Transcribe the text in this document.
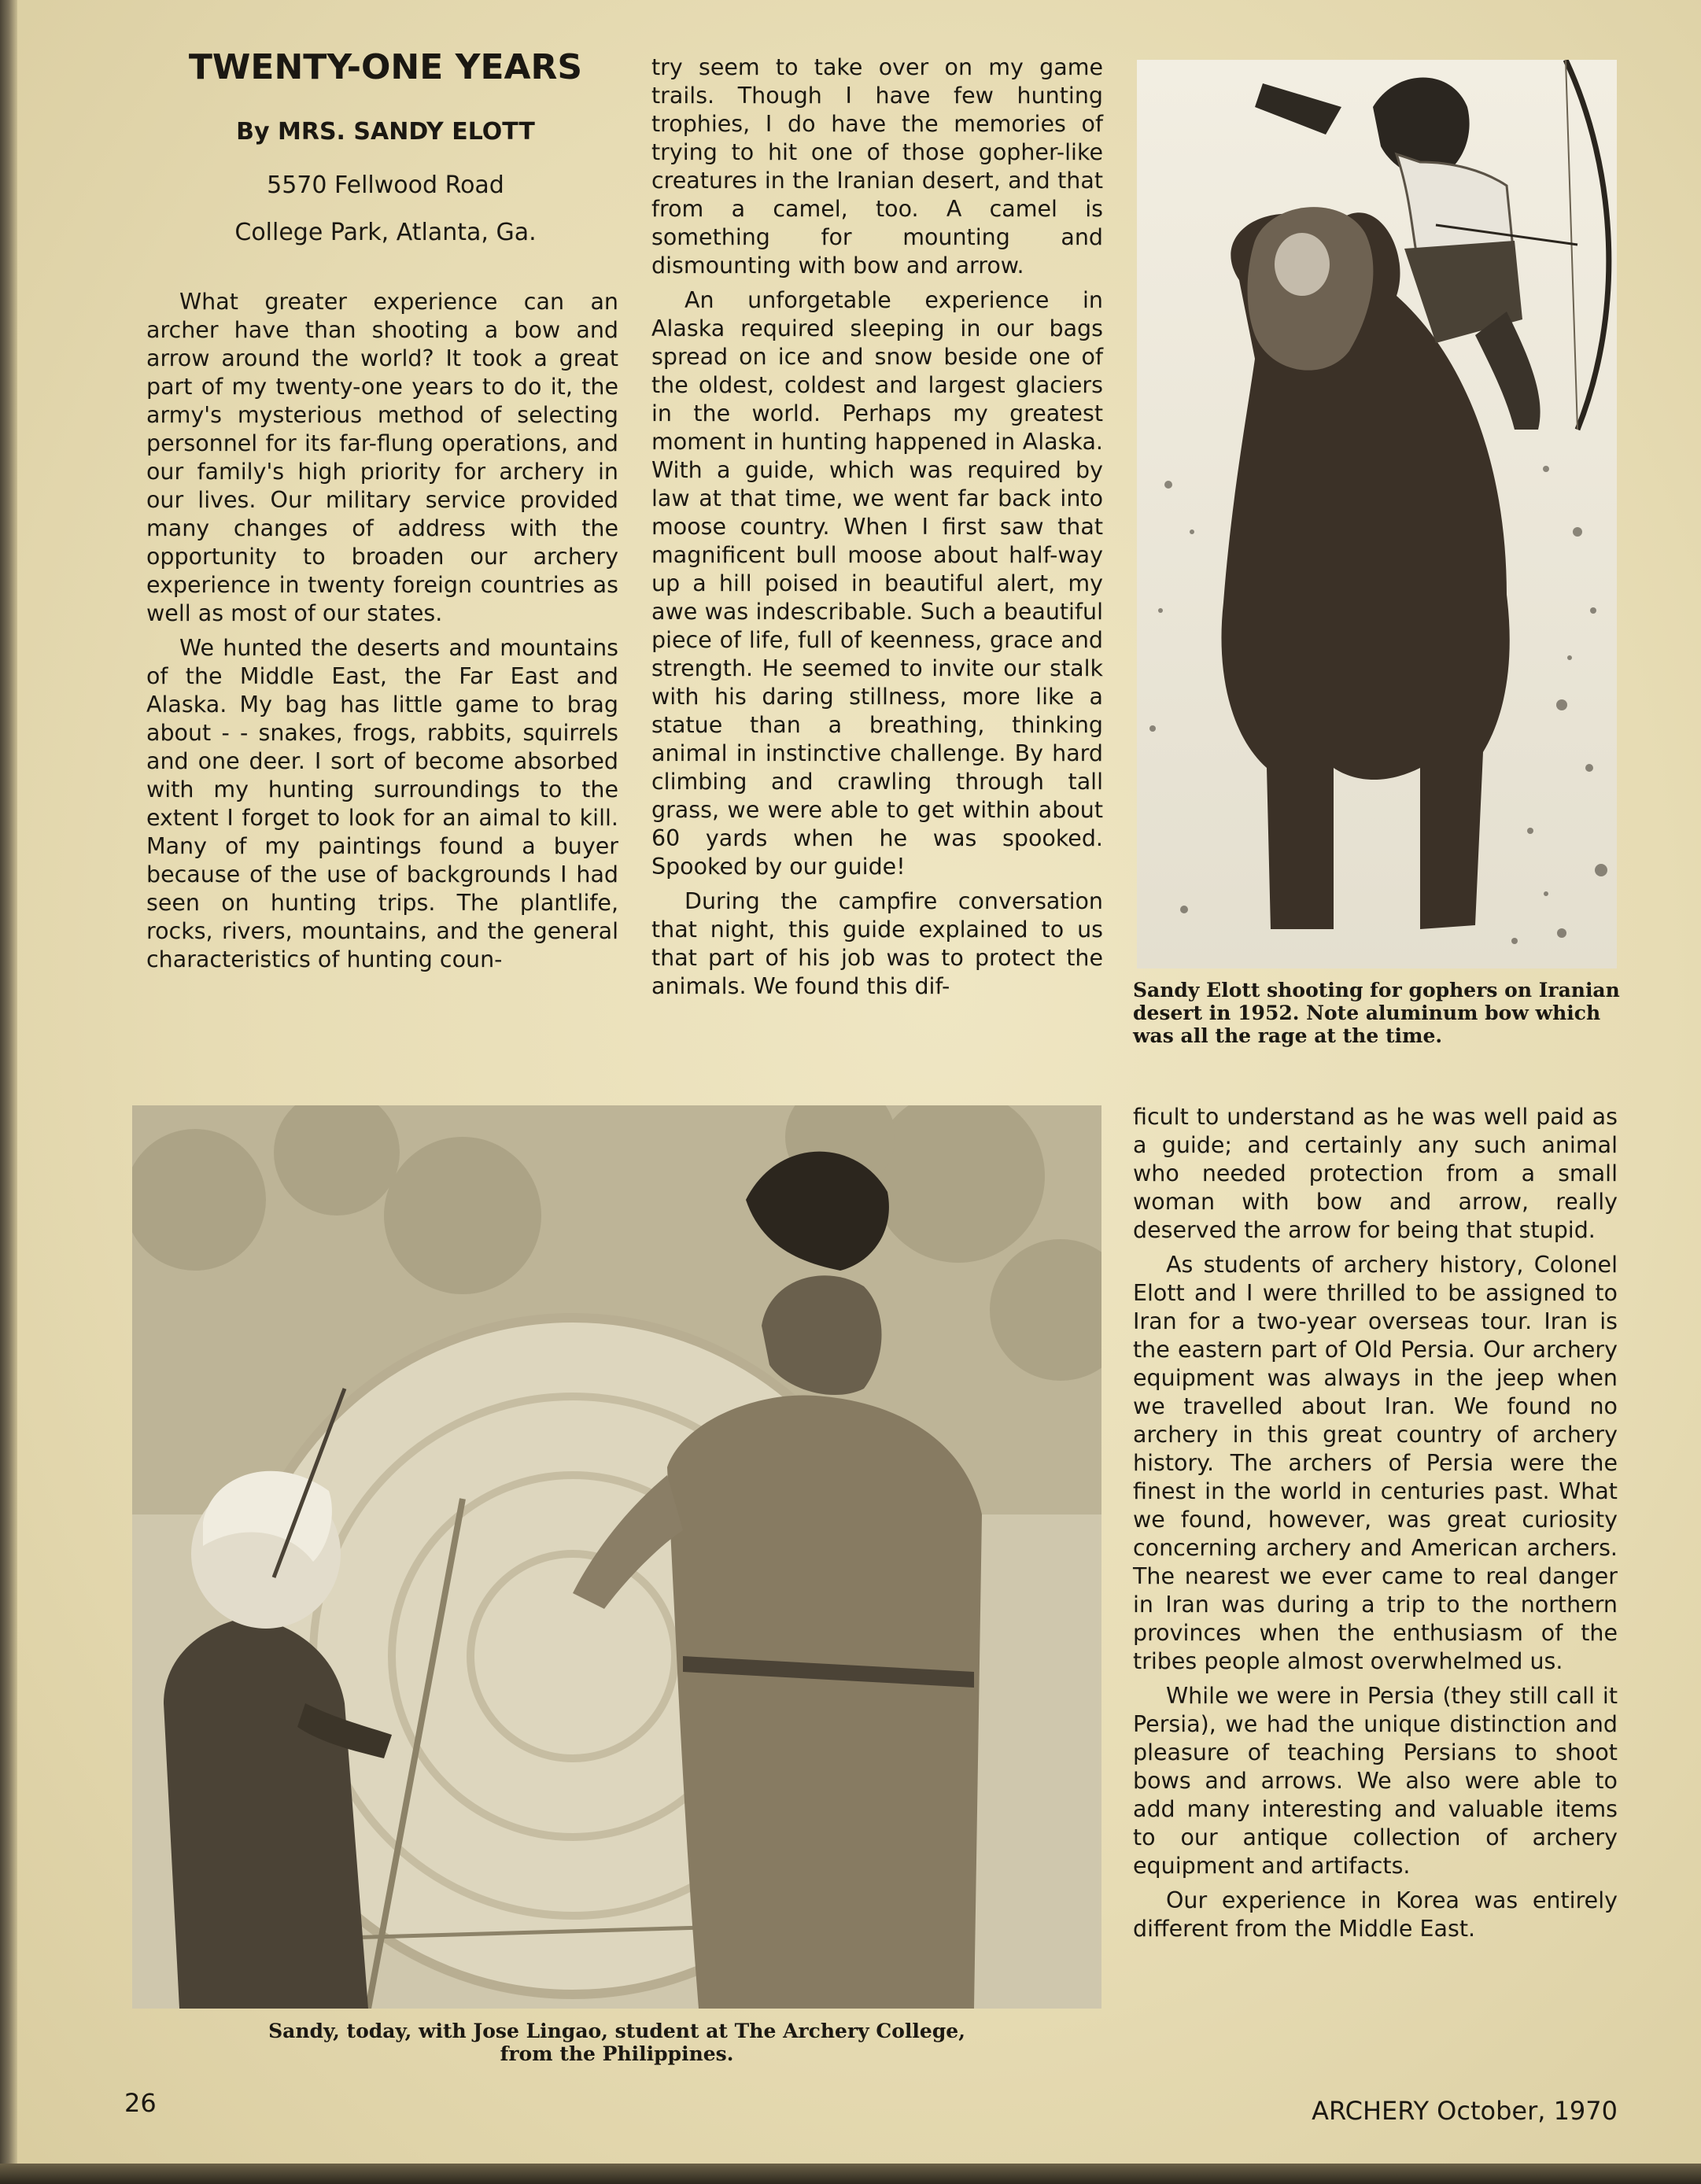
TWENTY-ONE YEARS

By MRS. SANDY ELOTT

5570 Fellwood Road

College Park, Atlanta, Ga.

What greater experience can an archer have than shooting a bow and arrow around the world? It took a great part of my twenty-one years to do it, the army's mysterious method of selecting personnel for its far-flung operations, and our family's high priority for archery in our lives. Our military service provided many changes of address with the opportunity to broaden our archery experience in twenty foreign countries as well as most of our states.

We hunted the deserts and mountains of the Middle East, the Far East and Alaska. My bag has little game to brag about - - snakes, frogs, rabbits, squirrels and one deer. I sort of become absorbed with my hunting surroundings to the extent I forget to look for an aimal to kill. Many of my paintings found a buyer because of the use of backgrounds I had seen on hunting trips. The plantlife, rocks, rivers, mountains, and the general characteristics of hunting coun-

try seem to take over on my game trails. Though I have few hunting trophies, I do have the memories of trying to hit one of those gopher-like creatures in the Iranian desert, and that from a camel, too. A camel is something for mounting and dismounting with bow and arrow.

An unforgetable experience in Alaska required sleeping in our bags spread on ice and snow beside one of the oldest, coldest and largest glaciers in the world. Perhaps my greatest moment in hunting happened in Alaska. With a guide, which was required by law at that time, we went far back into moose country. When I first saw that magnificent bull moose about half-way up a hill poised in beautiful alert, my awe was indescribable. Such a beautiful piece of life, full of keenness, grace and strength. He seemed to invite our stalk with his daring stillness, more like a statue than a breathing, thinking animal in instinctive challenge. By hard climbing and crawling through tall grass, we were able to get within about 60 yards when he was spooked. Spooked by our guide!

During the campfire conversation that night, this guide explained to us that part of his job was to protect the animals. We found this dif-	Sandy Elott shooting for gophers on Iranian desert in 1952. Note aluminum bow which was all the rage at the time.

Sandy, today, with Jose Lingao, student at The Archery College,

from the Philippines.

ficult to understand as he was well paid as a guide; and certainly any such animal who needed protection from a small woman with bow and arrow, really deserved the arrow for being that stupid.

As students of archery history, Colonel Elott and I were thrilled to be assigned to Iran for a two-year overseas tour. Iran is the eastern part of Old Persia. Our archery equipment was always in the jeep when we travelled about Iran. We found no archery in this great country of archery history. The archers of Persia were the finest in the world in centuries past. What we found, however, was great curiosity concerning archery and American archers. The nearest we ever came to real danger in Iran was during a trip to the northern provinces when the enthusiasm of the tribes people almost overwhelmed us.

While we were in Persia (they still call it Persia), we had the unique distinction and pleasure of teaching Persians to shoot bows and arrows. We also were able to add many interesting and valuable items to our antique collection of archery equipment and artifacts.

Our experience in Korea was entirely different from the Middle East.

26	ARCHERY October, 1970
